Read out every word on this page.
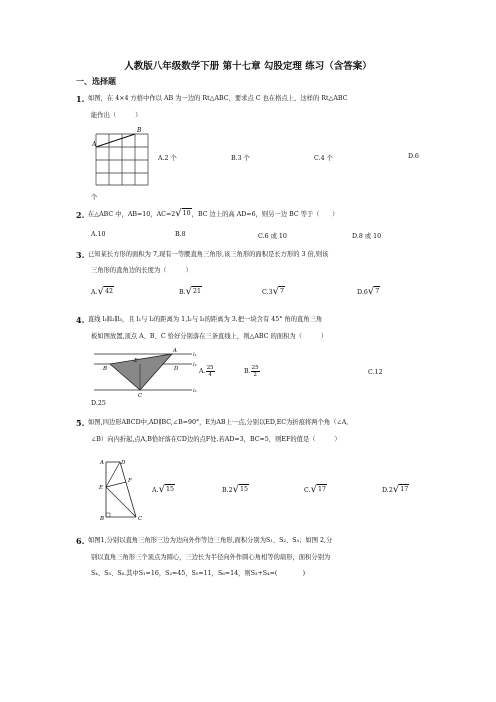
人教版八年级数学下册 第十七章 勾股定理 练习（含答案）
一、选择题
1. 如图，在 4×4 方格中作以 AB 为一边的 Rt△ABC，要求点 C 也在格点上，这样的 Rt△ABC
能作出（　　　）
A
B
A.2 个	B.3 个	C.4 个	D.6
个
2. 在△ABC 中，AB=10，AC=2 √ 10 ，BC 边上的高 AD=6，则另一边 BC 等于（　　）
A.10	B.8	C.6 或 10	D.8 或 10
3. 已知某长方形的面积为 7,现有一等腰直角三角形,该三角形的面积是长方形的 3 倍,则该
三角形的直角边的长度为（　　　）
A. √ 42	B. √ 21	C.3 √ 7	D.6 √ 7
4. 直线 l₁∥l₂∥l₃，且 l₁与 l₂的距离为 1,l₂与 l₃的距离为 3.把一块含有 45° 角的直角三角
板如图放置,顶点 A、B、C 恰好分别落在三条直线上，则△ABC 的面积为（　　　）
A
B
C
D
E
l₁
l₂
l₃
A. $\frac{25}{4}$	B. $\frac{25}{2}$	C.12
D.25
5. 如图,四边形ABCD中,AD∥BC,∠B=90°，E为AB上一点,分别以ED,EC为折痕将两个角（∠A,
∠B）向内折起,点A,B恰好落在CD边的点F处.若AD=3，BC=5，则EF的值是（　　　）
A
B	C
D
E
F
A. √ 15	B.2 √ 15	C. √ 17	D.2 √ 17
6. 如图1,分别以直角三角形三边为边向外作等边三角形,面积分别为S₁、S₂、S₃；如图 2,分
别以直角三角形三个顶点为圆心，三边长为半径向外作圆心角相等的扇形，面积分别为
S₄、S₅、S₆.其中S₁=16，S₂=45，S₅=11，S₆=14，则S₃+S₄=(　　　　)
